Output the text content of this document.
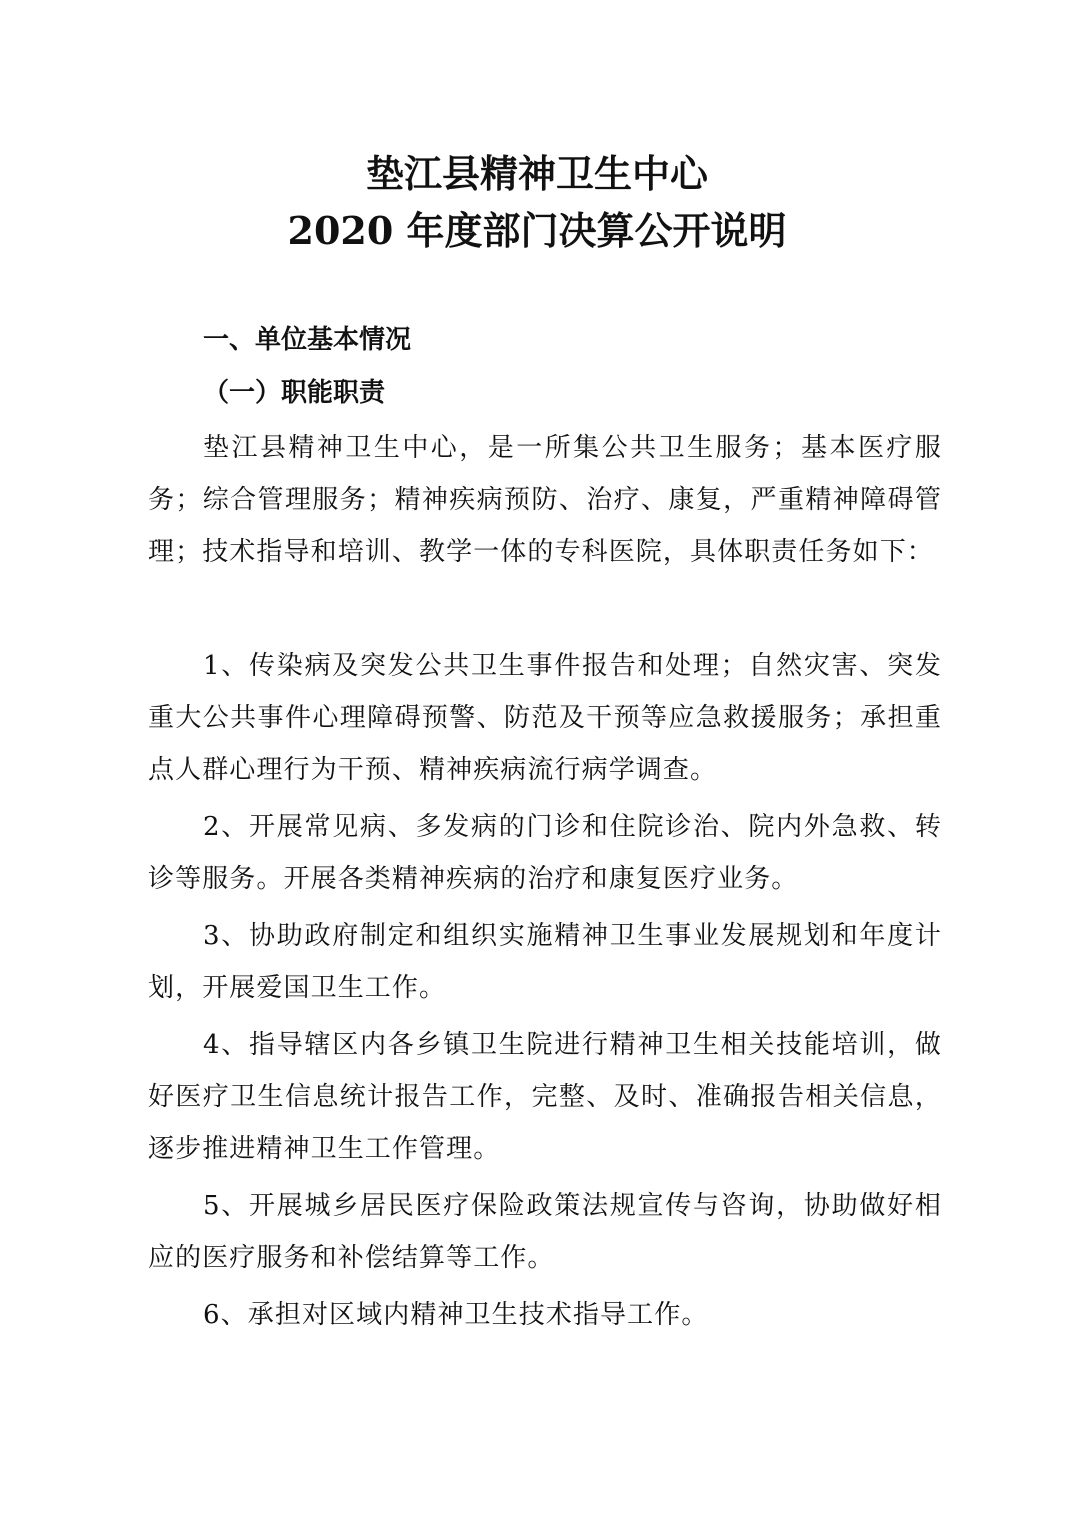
垫江县精神卫生中心
2020 年度部门决算公开说明
一、单位基本情况
（一）职能职责

垫江县精神卫生中心，是一所集公共卫生服务；基本医疗服务；综合管理服务；精神疾病预防、治疗、康复，严重精神障碍管理；技术指导和培训、教学一体的专科医院，具体职责任务如下：

1、传染病及突发公共卫生事件报告和处理；自然灾害、突发重大公共事件心理障碍预警、防范及干预等应急救援服务；承担重点人群心理行为干预、精神疾病流行病学调查。

2、开展常见病、多发病的门诊和住院诊治、院内外急救、转诊等服务。开展各类精神疾病的治疗和康复医疗业务。

3、协助政府制定和组织实施精神卫生事业发展规划和年度计划，开展爱国卫生工作。

4、指导辖区内各乡镇卫生院进行精神卫生相关技能培训，做好医疗卫生信息统计报告工作，完整、及时、准确报告相关信息，逐步推进精神卫生工作管理。

5、开展城乡居民医疗保险政策法规宣传与咨询，协助做好相应的医疗服务和补偿结算等工作。

6、承担对区域内精神卫生技术指导工作。
